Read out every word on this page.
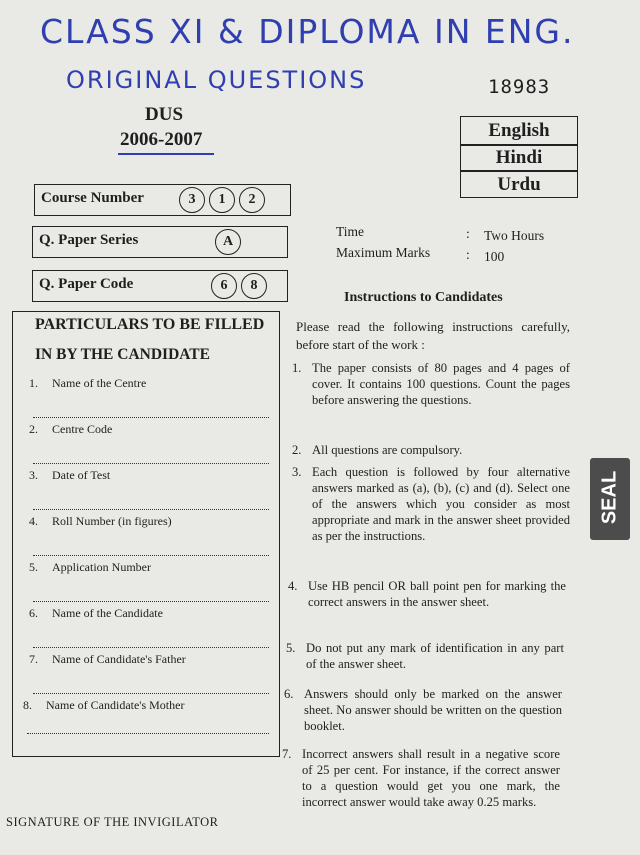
CLASS XI & DIPLOMA IN ENG.
ORIGINAL QUESTIONS	18983
DUS
2006-2007	English
Hindi
Urdu
Course Number	3 1 2
Q. Paper Series	A
Q. Paper Code	6 8
Time	: Two Hours
Maximum Marks	: 100
Instructions to Candidates
PARTICULARS TO BE FILLED
IN BY THE CANDIDATE
1. Name of the Centre
2. Centre Code
3. Date of Test
4. Roll Number (in figures)
5. Application Number
6. Name of the Candidate
7. Name of Candidate's Father
8. Name of Candidate's Mother
SIGNATURE OF THE INVIGILATOR
Please read the following instructions carefully, before start of the work :
1. The paper consists of 80 pages and 4 pages of cover. It contains 100 questions. Count the pages before answering the questions.
2. All questions are compulsory.
3. Each question is followed by four alternative answers marked as (a), (b), (c) and (d). Select one of the answers which you consider as most appropriate and mark in the answer sheet provided as per the instructions.
4. Use HB pencil OR ball point pen for marking the correct answers in the answer sheet.
5. Do not put any mark of identification in any part of the answer sheet.
6. Answers should only be marked on the answer sheet. No answer should be written on the question booklet.
7. Incorrect answers shall result in a negative score of 25 per cent. For instance, if the correct answer to a question would get you one mark, the incorrect answer would take away 0.25 marks.
SEAL
